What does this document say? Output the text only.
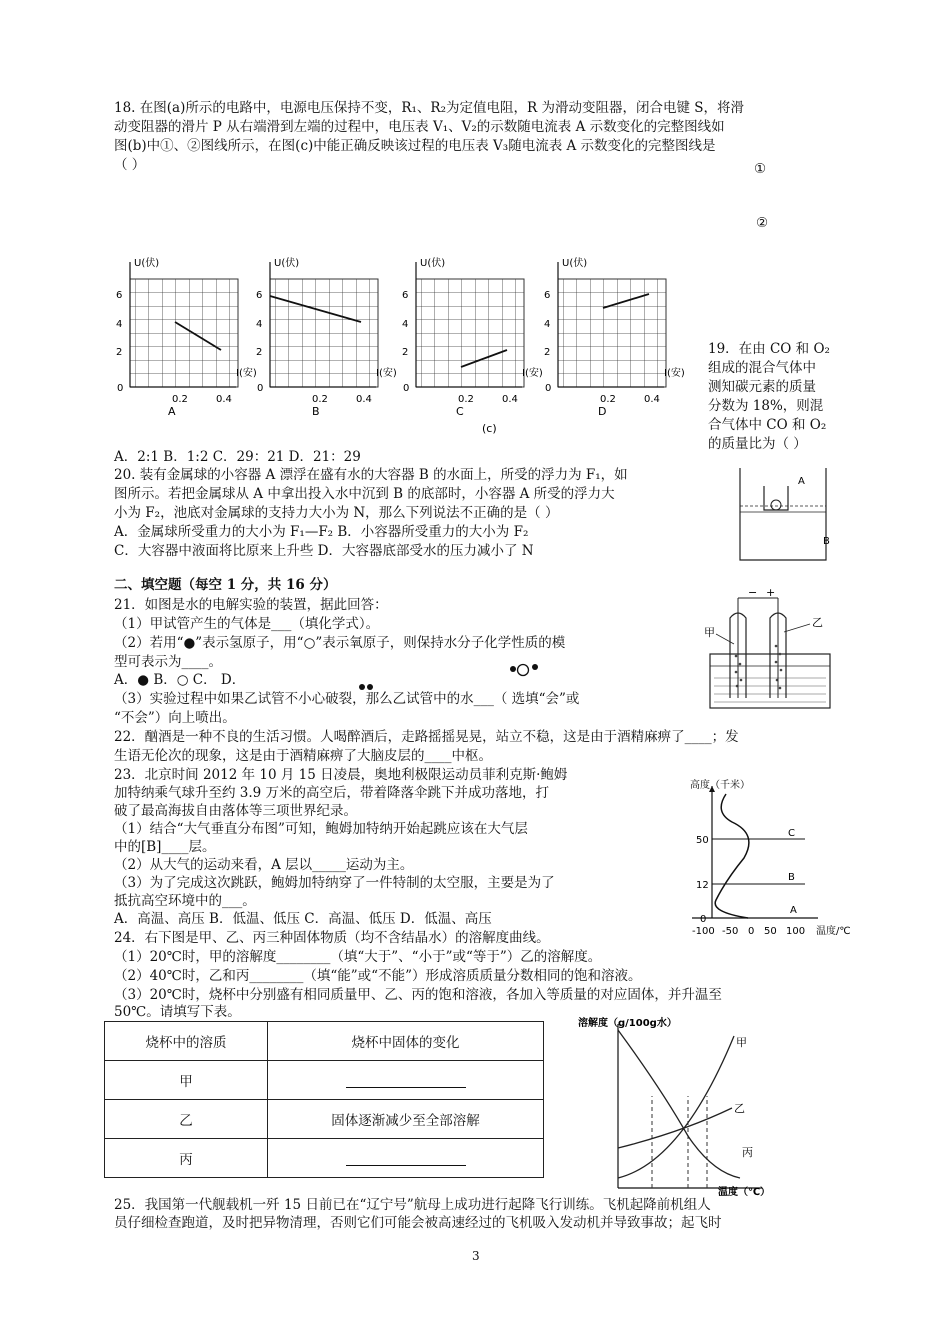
18. 在图(a)所示的电路中，电源电压保持不变，R₁、R₂为定值电阻，R 为滑动变阻器，闭合电键 S，将滑
动变阻器的滑片 P 从右端滑到左端的过程中，电压表 V₁、V₂的示数随电流表 A 示数变化的完整图线如
图(b)中①、②图线所示，在图(c)中能正确反映该过程的电压表 V₃随电流表 A 示数变化的完整图线是
（ ）	①
②
U(伏)
I(安)
2
4
6
0
0.2	0.4
A
U(伏)
I(安)
2
4
6
0
0.2	0.4
B
U(伏)
I(安)
2
4
6
0
0.2	0.4
C
(c)
U(伏)
I(安)
2
4
6
0
0.2	0.4
D
19．在由 CO 和 O₂
组成的混合气体中
测知碳元素的质量
分数为 18%，则混
合气体中 CO 和 O₂
的质量比为（ ）
A．2:1 B．1:2 C．29：21 D．21：29
20. 装有金属球的小容器 A 漂浮在盛有水的大容器 B 的水面上，所受的浮力为 F₁，如
图所示。若把金属球从 A 中拿出投入水中沉到 B 的底部时，小容器 A 所受的浮力大
小为 F₂，池底对金属球的支持力大小为 N，那么下列说法不正确的是（ ）
A．金属球所受重力的大小为 F₁—F₂ B．小容器所受重力的大小为 F₂
C．大容器中液面将比原来上升些 D．大容器底部受水的压力减小了 N
A
B
二、填空题（每空 1 分，共 16 分）
21．如图是水的电解实验的装置，据此回答：
（1）甲试管产生的气体是___（填化学式）。
（2）若用“●”表示氢原子，用“○”表示氧原子，则保持水分子化学性质的模
型可表示为____。
A．● B．○ C． D．
（3）实验过程中如果乙试管不小心破裂，那么乙试管中的水___（ 选填“会”或
“不会”）向上喷出。
− +
甲
乙
22．酗酒是一种不良的生活习惯。人喝醉酒后，走路摇摇晃晃，站立不稳，这是由于酒精麻痹了____；发
生语无伦次的现象，这是由于酒精麻痹了大脑皮层的____中枢。
23．北京时间 2012 年 10 月 15 日凌晨，奥地利极限运动员菲利克斯·鲍姆
加特纳乘气球升至约 3.9 万米的高空后，带着降落伞跳下并成功落地，打
破了最高海拔自由落体等三项世界纪录。
（1）结合“大气垂直分布图”可知，鲍姆加特纳开始起跳应该在大气层
中的[B]____层。
（2）从大气的运动来看，A 层以_____运动为主。
（3）为了完成这次跳跃，鲍姆加特纳穿了一件特制的太空服，主要是为了
抵抗高空环境中的___。
A．高温、高压 B．低温、低压 C．高温、低压 D．低温、高压
高度（千米）
50
12
0
C
B
A
-100 -50 0 50 100 温度/℃
24．右下图是甲、乙、丙三种固体物质（均不含结晶水）的溶解度曲线。
（1）20℃时，甲的溶解度________（填“大于”、“小于”或“等于”）乙的溶解度。
（2）40℃时，乙和丙________（填“能”或“不能”）形成溶质质量分数相同的饱和溶液。
（3）20℃时，烧杯中分别盛有相同质量甲、乙、丙的饱和溶液，各加入等质量的对应固体，并升温至
50℃。请填写下表。
烧杯中的溶质	烧杯中固体的变化
甲	
乙	固体逐渐减少至全部溶解
丙	
溶解度（g/100g水）
甲
乙
丙
温度（℃）
25．我国第一代舰载机一歼 15 日前已在“辽宁号”航母上成功进行起降飞行训练。飞机起降前机组人
员仔细检查跑道，及时把异物清理，否则它们可能会被高速经过的飞机吸入发动机并导致事故；起飞时
3
